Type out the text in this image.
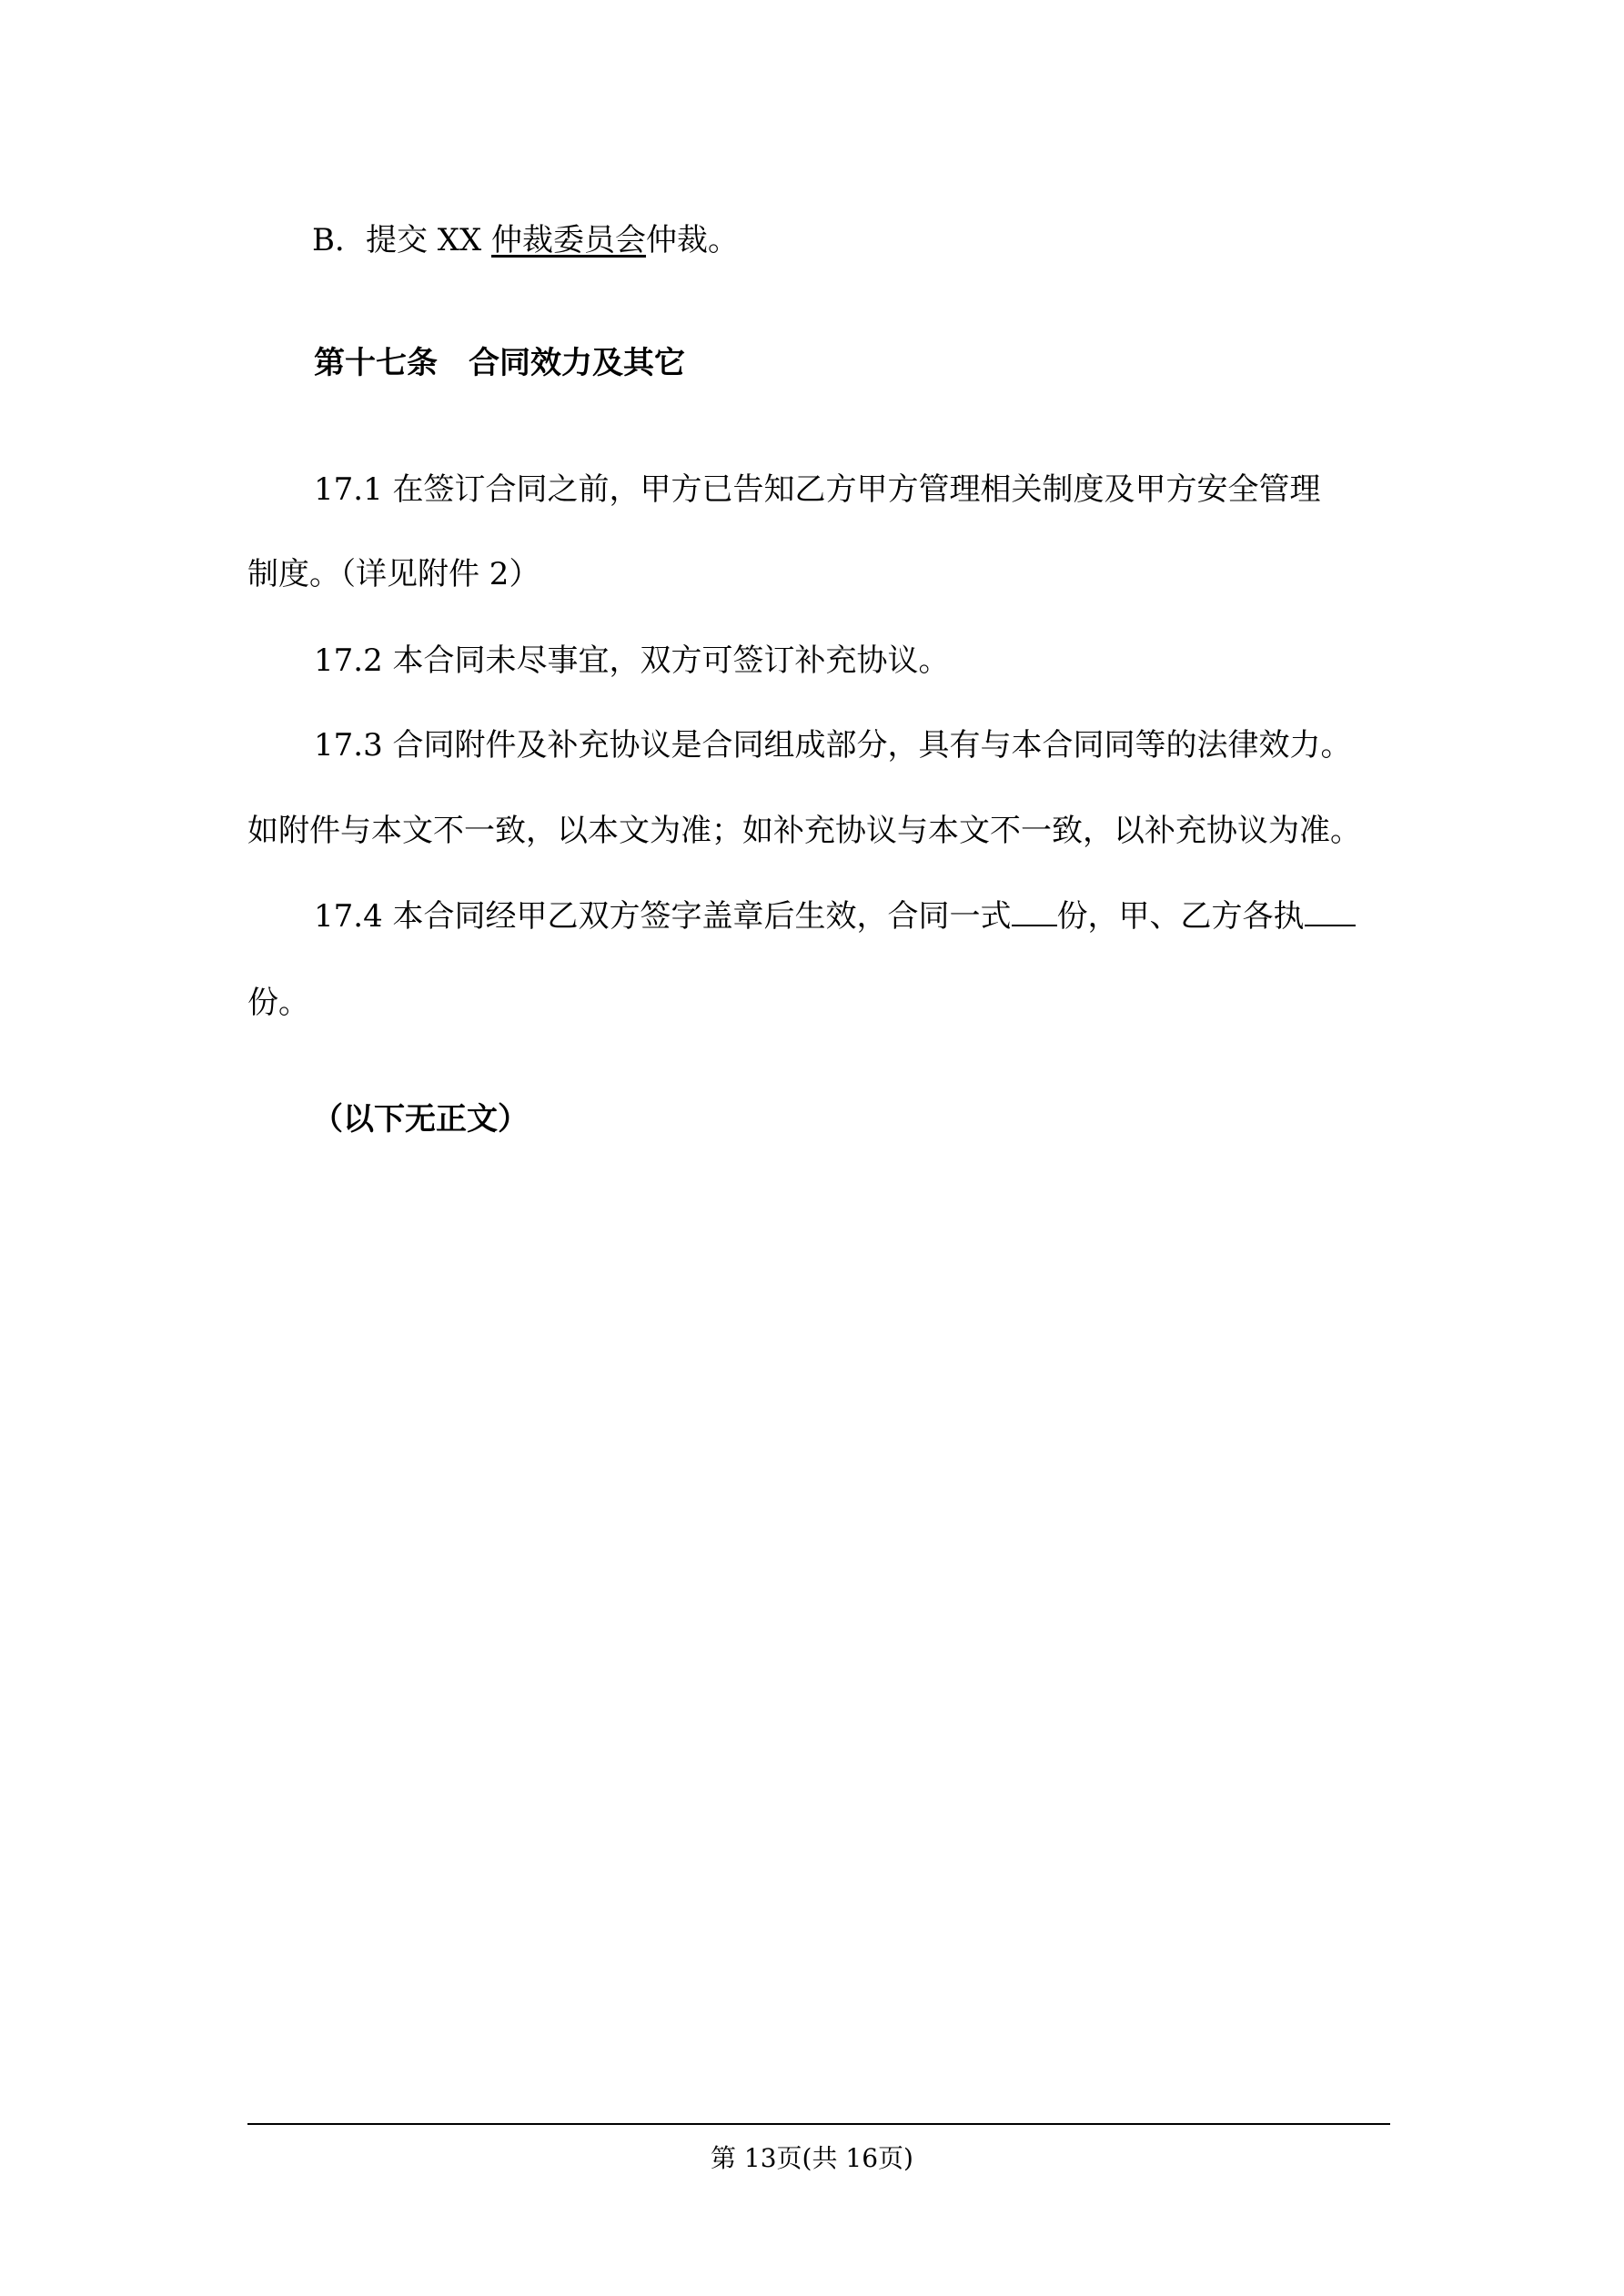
B．提交 XX 仲裁委员会仲裁。
第十七条　合同效力及其它
17.1 在签订合同之前，甲方已告知乙方甲方管理相关制度及甲方安全管理
制度。（详见附件 2）
17.2 本合同未尽事宜，双方可签订补充协议。
17.3 合同附件及补充协议是合同组成部分，具有与本合同同等的法律效力。
如附件与本文不一致，以本文为准；如补充协议与本文不一致，以补充协议为准。
17.4 本合同经甲乙双方签字盖章后生效，合同一式 份，甲、乙方各执
份。
（以下无正文）
第 13页(共 16页)
